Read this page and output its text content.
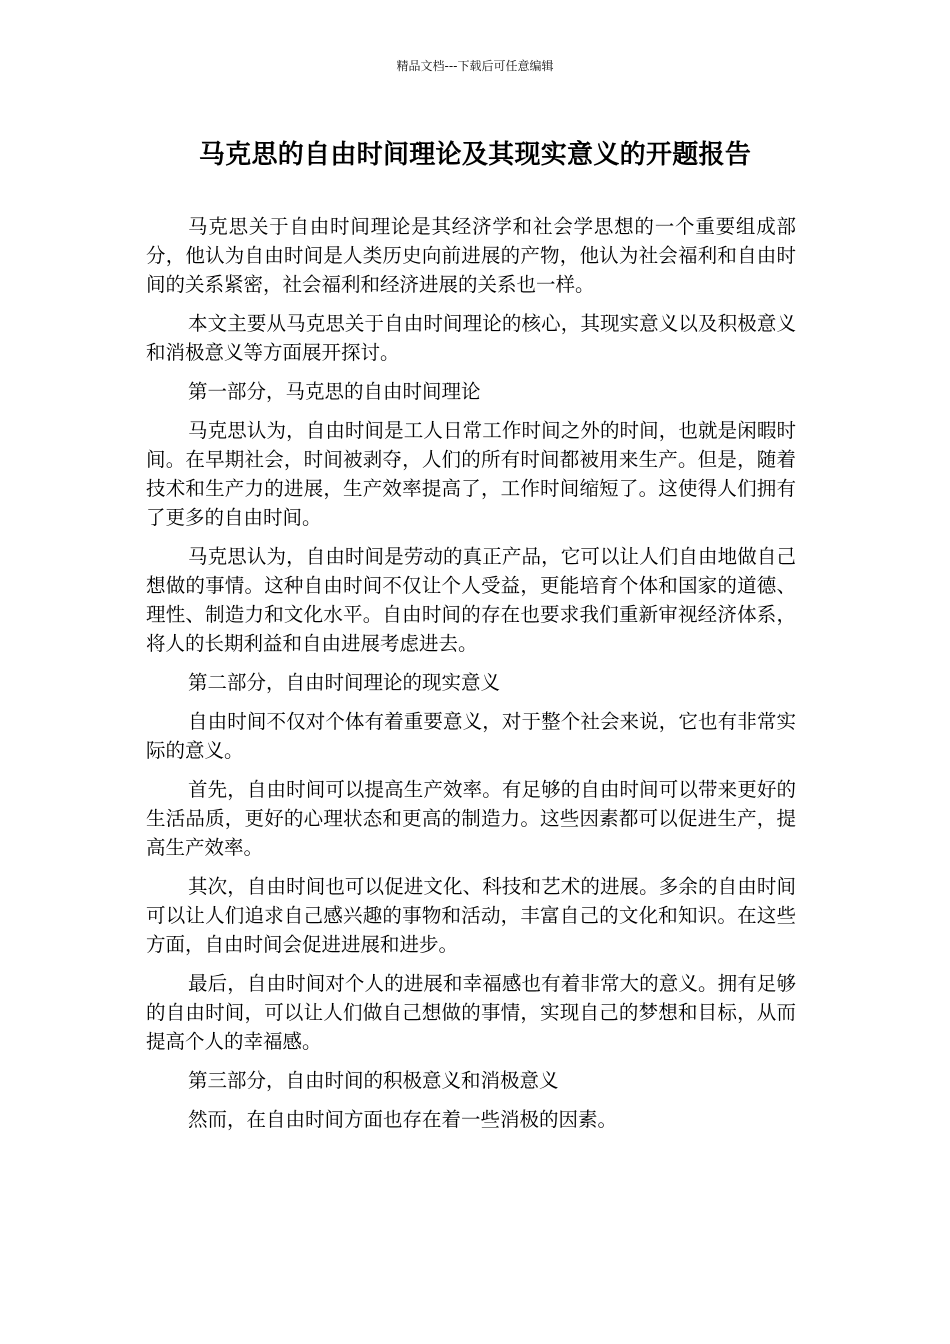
精品文档---下载后可任意编辑
马克思的自由时间理论及其现实意义的开题报告

马克思关于自由时间理论是其经济学和社会学思想的一个重要组成部分，他认为自由时间是人类历史向前进展的产物，他认为社会福利和自由时间的关系紧密，社会福利和经济进展的关系也一样。

本文主要从马克思关于自由时间理论的核心，其现实意义以及积极意义和消极意义等方面展开探讨。

第一部分，马克思的自由时间理论

马克思认为，自由时间是工人日常工作时间之外的时间，也就是闲暇时间。在早期社会，时间被剥夺，人们的所有时间都被用来生产。但是，随着技术和生产力的进展，生产效率提高了，工作时间缩短了。这使得人们拥有了更多的自由时间。

马克思认为，自由时间是劳动的真正产品，它可以让人们自由地做自己想做的事情。这种自由时间不仅让个人受益，更能培育个体和国家的道德、理性、制造力和文化水平。自由时间的存在也要求我们重新审视经济体系，将人的长期利益和自由进展考虑进去。

第二部分，自由时间理论的现实意义

自由时间不仅对个体有着重要意义，对于整个社会来说，它也有非常实际的意义。

首先，自由时间可以提高生产效率。有足够的自由时间可以带来更好的生活品质，更好的心理状态和更高的制造力。这些因素都可以促进生产，提高生产效率。

其次，自由时间也可以促进文化、科技和艺术的进展。多余的自由时间可以让人们追求自己感兴趣的事物和活动，丰富自己的文化和知识。在这些方面，自由时间会促进进展和进步。

最后，自由时间对个人的进展和幸福感也有着非常大的意义。拥有足够的自由时间，可以让人们做自己想做的事情，实现自己的梦想和目标，从而提高个人的幸福感。

第三部分，自由时间的积极意义和消极意义

然而，在自由时间方面也存在着一些消极的因素。
